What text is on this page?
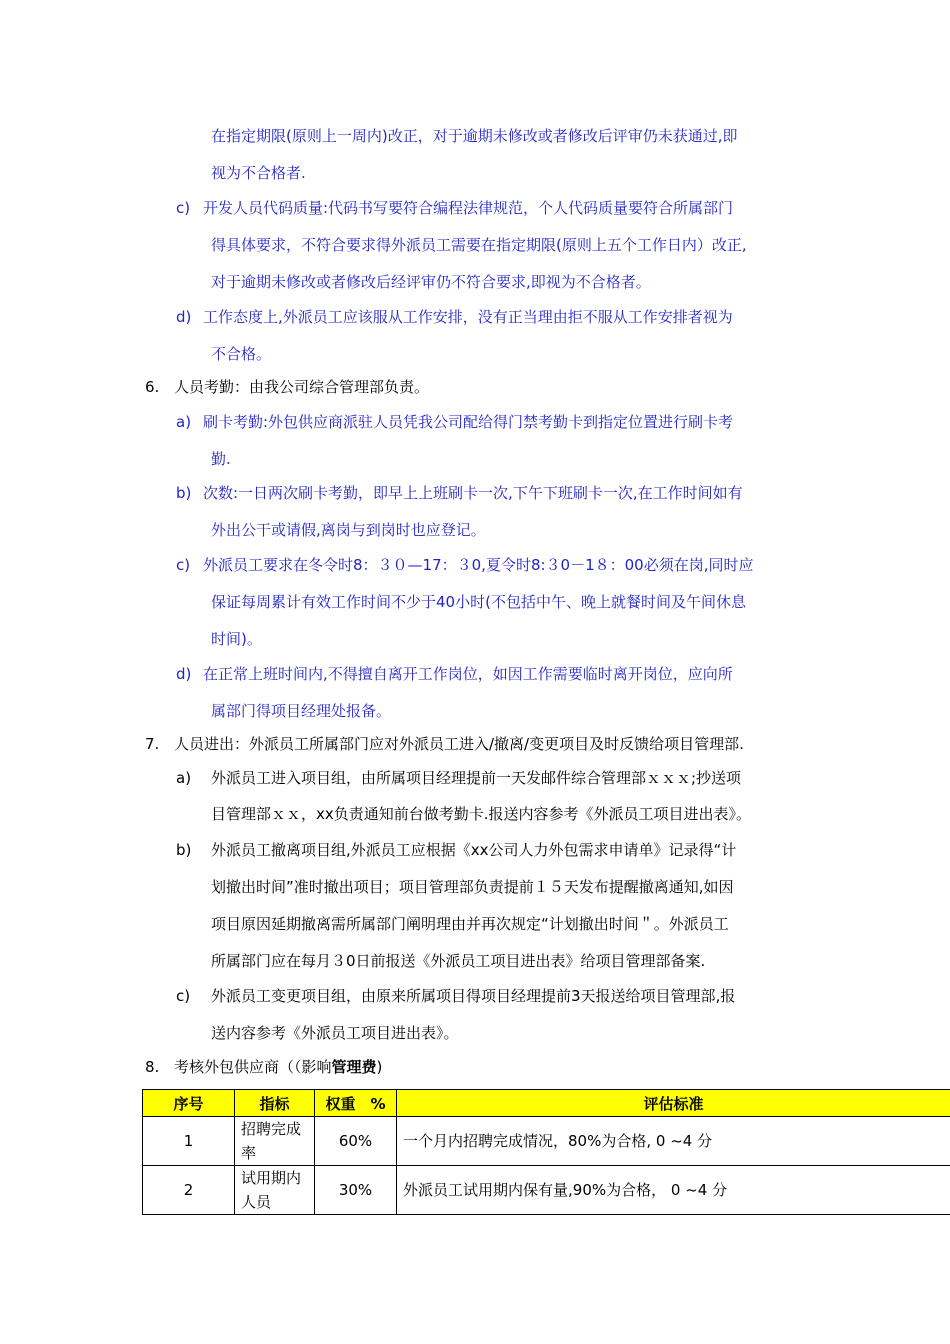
在指定期限(原则上一周内)改正，对于逾期未修改或者修改后评审仍未获通过,即
视为不合格者.
c) 开发人员代码质量:代码书写要符合编程法律规范，个人代码质量要符合所属部门
得具体要求，不符合要求得外派员工需要在指定期限(原则上五个工作日内）改正,
对于逾期未修改或者修改后经评审仍不符合要求,即视为不合格者。
d) 工作态度上,外派员工应该服从工作安排，没有正当理由拒不服从工作安排者视为
不合格。
6. 人员考勤：由我公司综合管理部负责。
a) 刷卡考勤:外包供应商派驻人员凭我公司配给得门禁考勤卡到指定位置进行刷卡考
勤.
b) 次数:一日两次刷卡考勤，即早上上班刷卡一次,下午下班刷卡一次,在工作时间如有
外出公干或请假,离岗与到岗时也应登记。
c) 外派员工要求在冬令时8：３０—17：３0,夏令时8:３0－1８：00必须在岗,同时应
保证每周累计有效工作时间不少于40小时(不包括中午、晚上就餐时间及午间休息
时间)。
d) 在正常上班时间内,不得擅自离开工作岗位，如因工作需要临时离开岗位，应向所
属部门得项目经理处报备。
7. 人员进出：外派员工所属部门应对外派员工进入/撤离/变更项目及时反馈给项目管理部.
a) 外派员工进入项目组，由所属项目经理提前一天发邮件综合管理部ｘｘｘ;抄送项
目管理部ｘｘ，xx负责通知前台做考勤卡.报送内容参考《外派员工项目进出表》。
b) 外派员工撤离项目组,外派员工应根据《xx公司人力外包需求申请单》记录得“计
划撤出时间”准时撤出项目；项目管理部负责提前１５天发布提醒撤离通知,如因
项目原因延期撤离需所属部门阐明理由并再次规定“计划撤出时间＂。外派员工
所属部门应在每月３0日前报送《外派员工项目进出表》给项目管理部备案.
c) 外派员工变更项目组，由原来所属项目得项目经理提前3天报送给项目管理部,报
送内容参考《外派员工项目进出表》。
8. 考核外包供应商（（影响管理费)
序号	指标	权重　%	评估标准
1	招聘完成率	60%	一个月内招聘完成情况，80%为合格, 0 ~4 分
2	试用期内人员	30%	外派员工试用期内保有量,90%为合格， 0 ~4 分
